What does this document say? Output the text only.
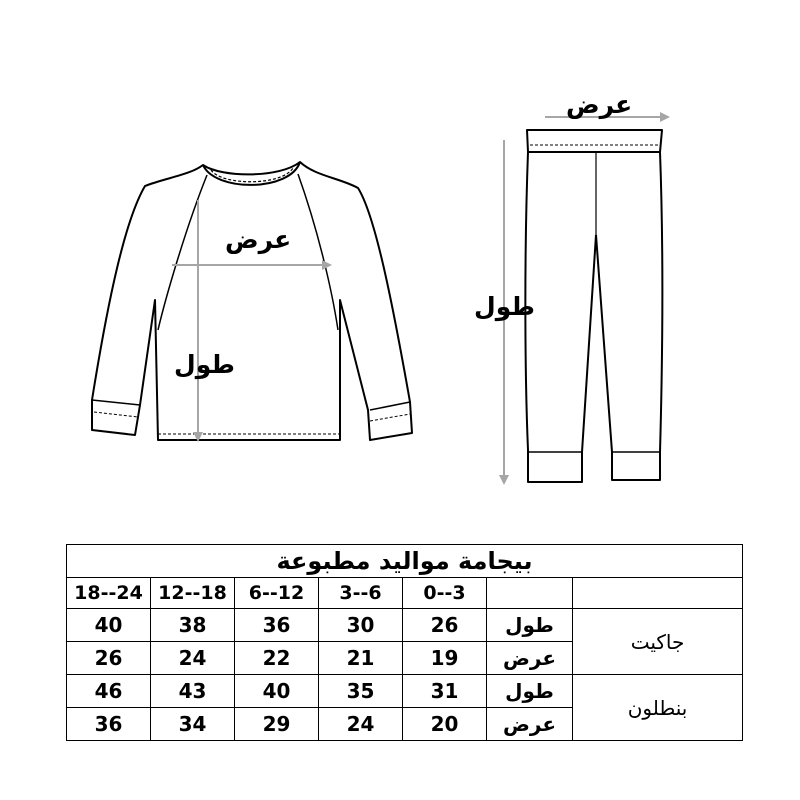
عرض
طول
عرض
طول
بيجامة مواليد مطبوعة						
18--24	12--18	6--12	3--6	0--3		
40	38	36	30	26	طول	جاكيت
26	24	22	21	19	عرض	
46	43	40	35	31	طول	بنطلون
36	34	29	24	20	عرض	
